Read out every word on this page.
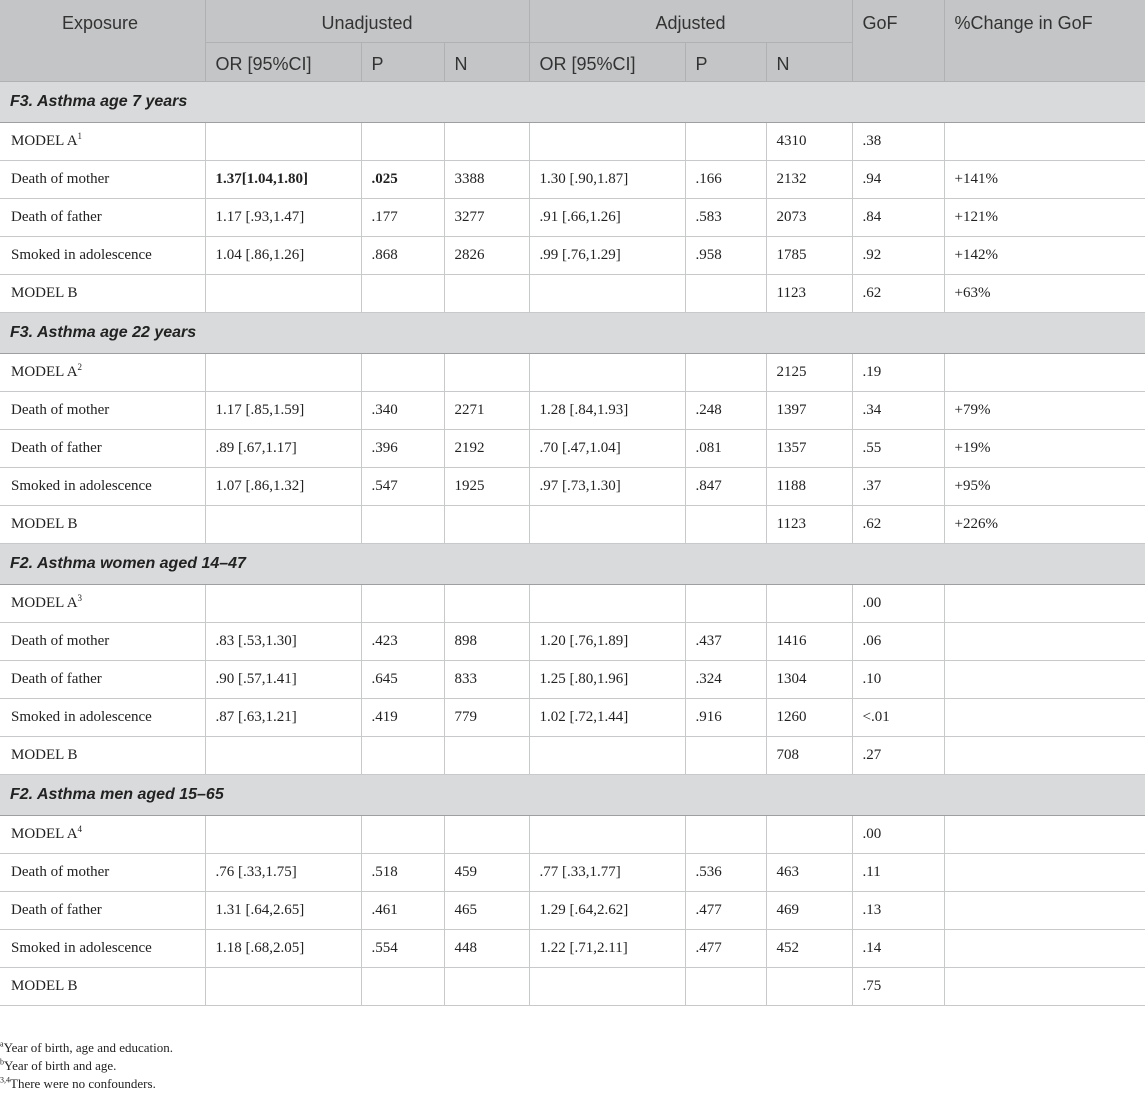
Exposure	Unadjusted			Adjusted			GoF	%Change in GoF
	OR [95%CI]	P	N	OR [95%CI]	P	N		
F3. Asthma age 7 years								
MODEL $A^1$						4310	.38	
Death of mother	1.37[1.04,1.80]	.025	3388	1.30 [.90,1.87]	.166	2132	.94	+141%
Death of father	1.17 [.93,1.47]	.177	3277	.91 [.66,1.26]	.583	2073	.84	+121%
Smoked in adolescence	1.04 [.86,1.26]	.868	2826	.99 [.76,1.29]	.958	1785	.92	+142%
MODEL B						1123	.62	+63%
F3. Asthma age 22 years								
MODEL $A^2$						2125	.19	
Death of mother	1.17 [.85,1.59]	.340	2271	1.28 [.84,1.93]	.248	1397	.34	+79%
Death of father	.89 [.67,1.17]	.396	2192	.70 [.47,1.04]	.081	1357	.55	+19%
Smoked in adolescence	1.07 [.86,1.32]	.547	1925	.97 [.73,1.30]	.847	1188	.37	+95%
MODEL B						1123	.62	+226%
F2. Asthma women aged 14–47								
MODEL $A^3$							.00	
Death of mother	.83 [.53,1.30]	.423	898	1.20 [.76,1.89]	.437	1416	.06	
Death of father	.90 [.57,1.41]	.645	833	1.25 [.80,1.96]	.324	1304	.10	
Smoked in adolescence	.87 [.63,1.21]	.419	779	1.02 [.72,1.44]	.916	1260	<.01	
MODEL B						708	.27	
F2. Asthma men aged 15–65								
MODEL $A^4$							.00	
Death of mother	.76 [.33,1.75]	.518	459	.77 [.33,1.77]	.536	463	.11	
Death of father	1.31 [.64,2.65]	.461	465	1.29 [.64,2.62]	.477	469	.13	
Smoked in adolescence	1.18 [.68,2.05]	.554	448	1.22 [.71,2.11]	.477	452	.14	
MODEL B							.75	
$^a$Year of birth, age and education.
$^b$Year of birth and age.
$^{3,4}$There were no confounders.
